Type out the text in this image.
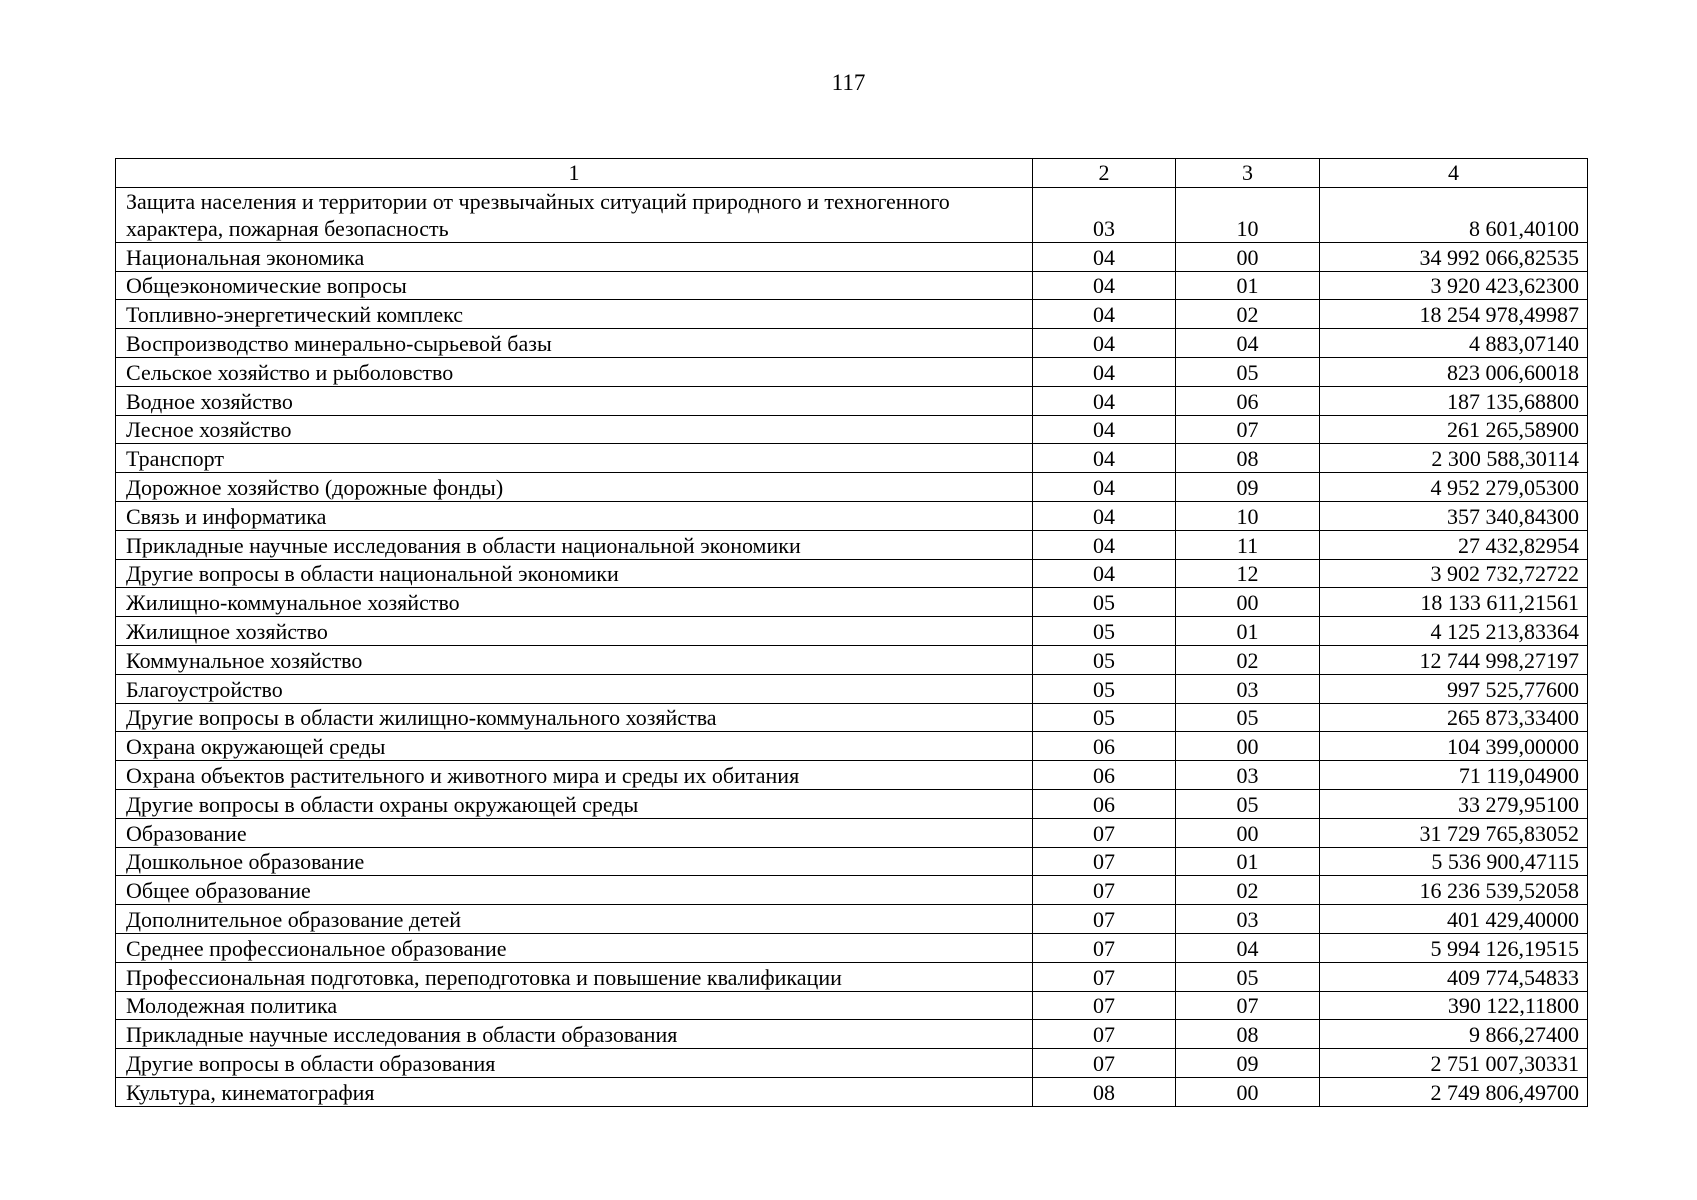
117
1	2	3	4
Защита населения и территории от чрезвычайных ситуаций природного и техногенного характера, пожарная безопасность	03	10	8 601,40100
Национальная экономика	04	00	34 992 066,82535
Общеэкономические вопросы	04	01	3 920 423,62300
Топливно-энергетический комплекс	04	02	18 254 978,49987
Воспроизводство минерально-сырьевой базы	04	04	4 883,07140
Сельское хозяйство и рыболовство	04	05	823 006,60018
Водное хозяйство	04	06	187 135,68800
Лесное хозяйство	04	07	261 265,58900
Транспорт	04	08	2 300 588,30114
Дорожное хозяйство (дорожные фонды)	04	09	4 952 279,05300
Связь и информатика	04	10	357 340,84300
Прикладные научные исследования в области национальной экономики	04	11	27 432,82954
Другие вопросы в области национальной экономики	04	12	3 902 732,72722
Жилищно-коммунальное хозяйство	05	00	18 133 611,21561
Жилищное хозяйство	05	01	4 125 213,83364
Коммунальное хозяйство	05	02	12 744 998,27197
Благоустройство	05	03	997 525,77600
Другие вопросы в области жилищно-коммунального хозяйства	05	05	265 873,33400
Охрана окружающей среды	06	00	104 399,00000
Охрана объектов растительного и животного мира и среды их обитания	06	03	71 119,04900
Другие вопросы в области охраны окружающей среды	06	05	33 279,95100
Образование	07	00	31 729 765,83052
Дошкольное образование	07	01	5 536 900,47115
Общее образование	07	02	16 236 539,52058
Дополнительное образование детей	07	03	401 429,40000
Среднее профессиональное образование	07	04	5 994 126,19515
Профессиональная подготовка, переподготовка и повышение квалификации	07	05	409 774,54833
Молодежная политика	07	07	390 122,11800
Прикладные научные исследования в области образования	07	08	9 866,27400
Другие вопросы в области образования	07	09	2 751 007,30331
Культура, кинематография	08	00	2 749 806,49700
